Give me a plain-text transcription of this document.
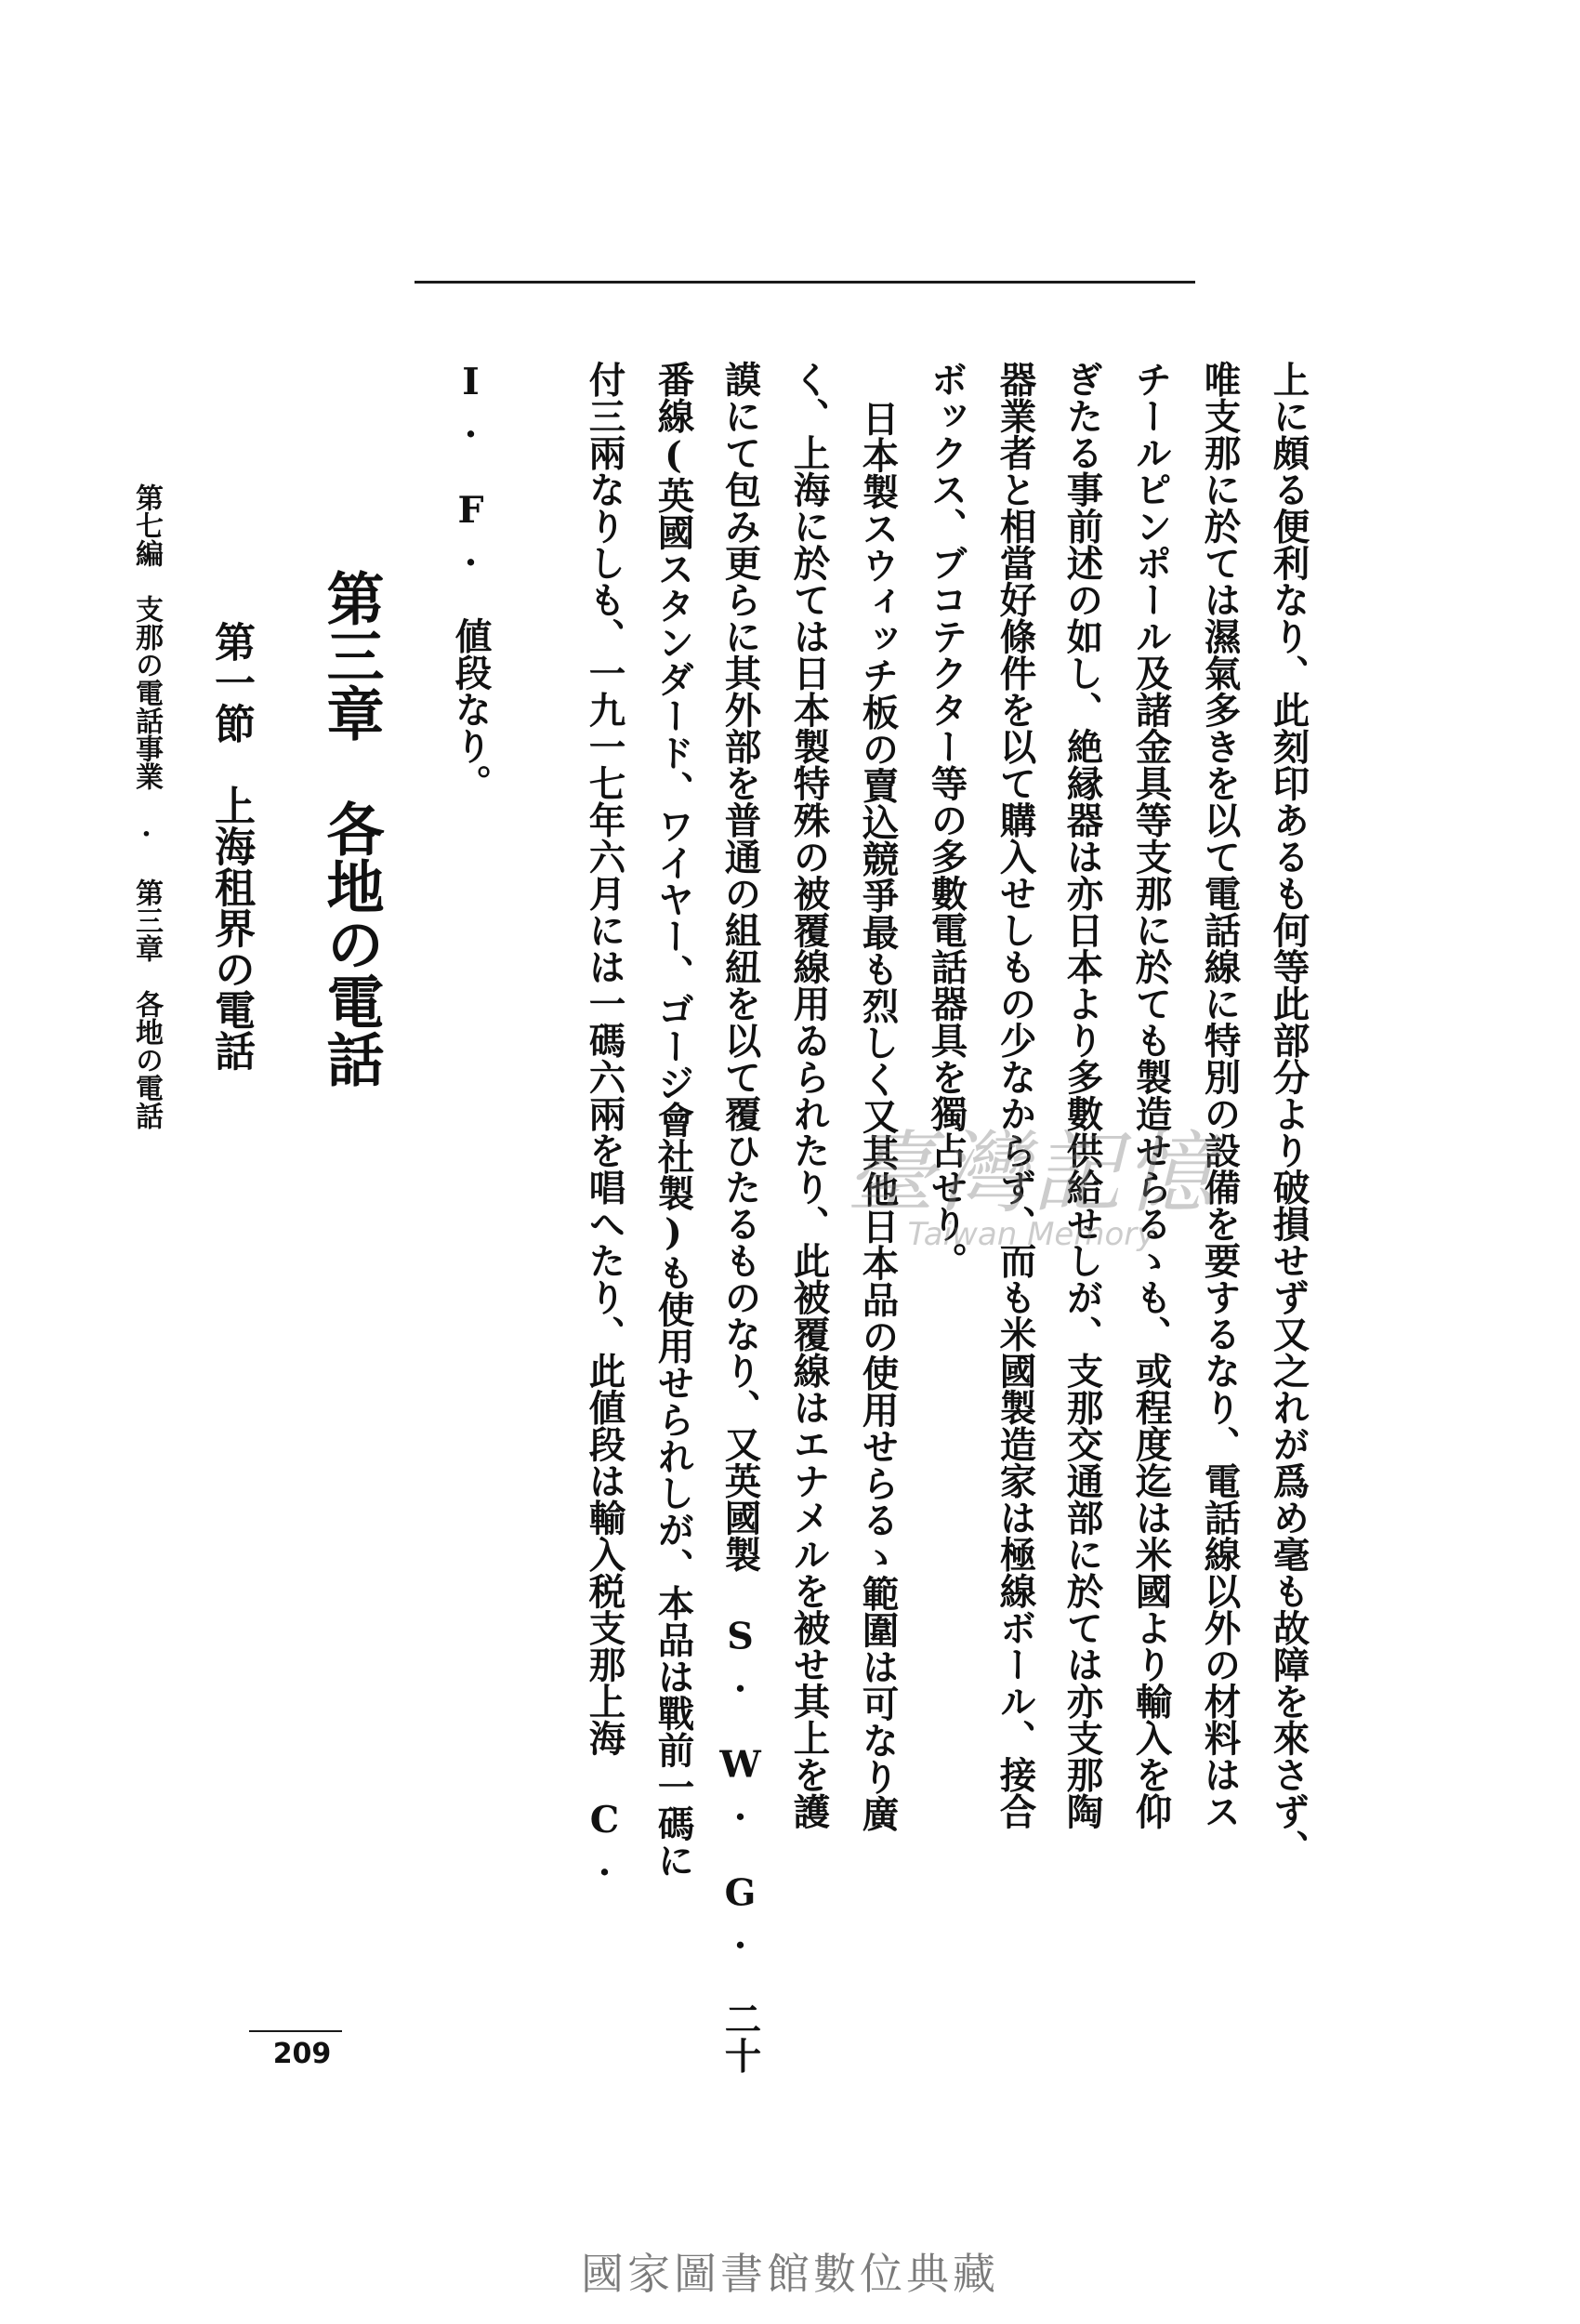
上に頗る便利なり、此刻印あるも何等此部分より破損せず又之れが爲め毫も故障を來さず、
唯支那に於ては濕氣多きを以て電話線に特別の設備を要するなり、電話線以外の材料はス
チールピンポール及諸金具等支那に於ても製造せらるゝも、或程度迄は米國より輸入を仰
ぎたる事前述の如し、絶縁器は亦日本より多數供給せしが、支那交通部に於ては亦支那陶
器業者と相當好條件を以て購入せしもの少なからず、而も米國製造家は極線ボール、接合
ボックス、ブコテクター等の多數電話器具を獨占せり。
日本製スウィッチ板の賣込競爭最も烈しく又其他日本品の使用せらるゝ範圍は可なり廣
く、上海に於ては日本製特殊の被覆線用ゐられたり、此被覆線はエナメルを被せ其上を護
謨にて包み更らに其外部を普通の組紐を以て覆ひたるものなり、又英國製 S. W. G. 二十
番線(英國スタンダード、ワイヤー、ゴージ會社製)も使用せられしが、本品は戰前一碼に
付三兩なりしも、一九一七年六月には一碼六兩を唱へたり、此値段は輸入税支那上海 C.
I. F. 値段なり。
第三章　各地の電話
第一節　上海租界の電話
第七編　支那の電話事業　·　第三章　各地の電話
209
臺灣記憶
Taiwan Memory
國家圖書館數位典藏
